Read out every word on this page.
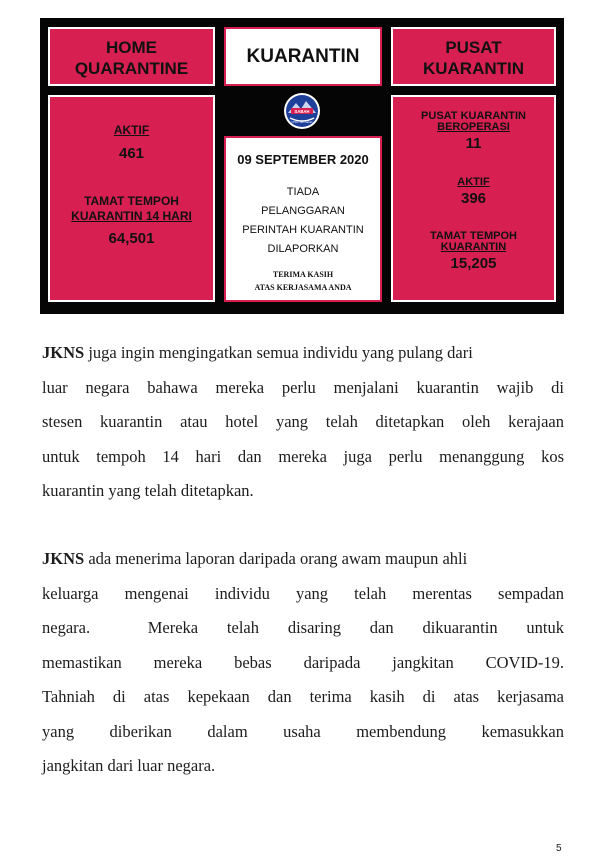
HOME
QUARANTINE
AKTIF
461
TAMAT TEMPOH
KUARANTIN 14 HARI
64,501
KUARANTIN
SABAH
CPRC JKN Sabah
09 SEPTEMBER 2020
TIADA
PELANGGARAN
PERINTAH KUARANTIN
DILAPORKAN
TERIMA KASIH
ATAS KERJASAMA ANDA
PUSAT
KUARANTIN
PUSAT KUARANTIN
BEROPERASI
11
AKTIF
396
TAMAT TEMPOH
KUARANTIN
15,205
JKNS juga ingin mengingatkan semua individu yang pulang dari
luar negara bahawa mereka perlu menjalani kuarantin wajib di
stesen kuarantin atau hotel yang telah ditetapkan oleh kerajaan
untuk tempoh 14 hari dan mereka juga perlu menanggung kos
kuarantin yang telah ditetapkan.
JKNS ada menerima laporan daripada orang awam maupun ahli
keluarga mengenai individu yang telah merentas sempadan
negara.  Mereka telah disaring dan dikuarantin untuk
memastikan mereka bebas daripada jangkitan COVID-19.
Tahniah di atas kepekaan dan terima kasih di atas kerjasama
yang diberikan dalam usaha membendung kemasukkan
jangkitan dari luar negara.
5
